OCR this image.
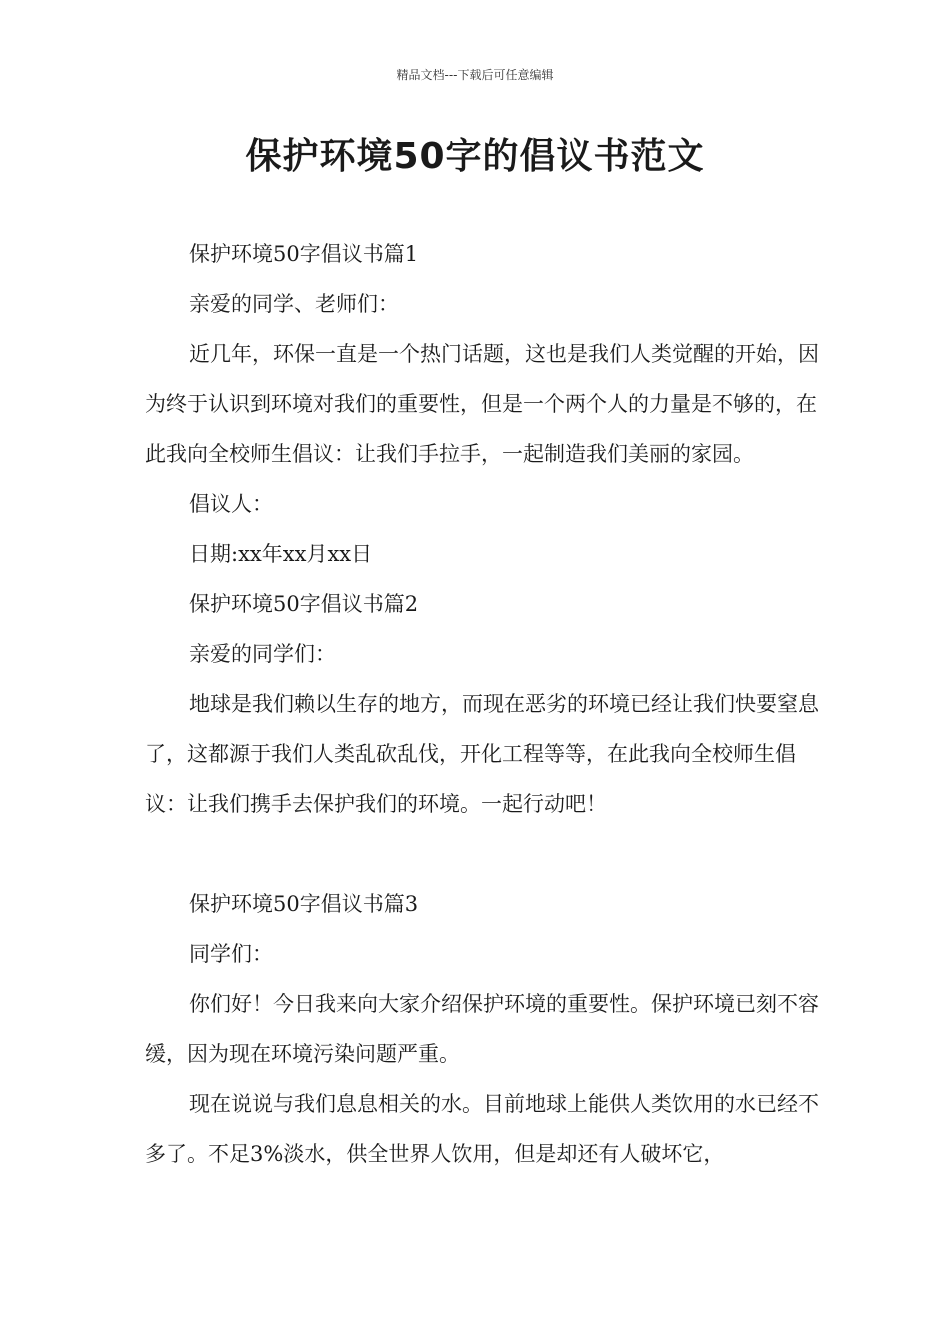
精品文档---下载后可任意编辑
保护环境50字的倡议书范文

保护环境50字倡议书篇1

亲爱的同学、老师们：

近几年，环保一直是一个热门话题，这也是我们人类觉醒的开始，因为终于认识到环境对我们的重要性，但是一个两个人的力量是不够的，在此我向全校师生倡议：让我们手拉手，一起制造我们美丽的家园。

倡议人：

日期:xx年xx月xx日

保护环境50字倡议书篇2

亲爱的同学们：

地球是我们赖以生存的地方，而现在恶劣的环境已经让我们快要窒息了，这都源于我们人类乱砍乱伐，开化工程等等，在此我向全校师生倡议：让我们携手去保护我们的环境。一起行动吧！

保护环境50字倡议书篇3

同学们：

你们好！今日我来向大家介绍保护环境的重要性。保护环境已刻不容缓，因为现在环境污染问题严重。

现在说说与我们息息相关的水。目前地球上能供人类饮用的水已经不多了。不足3%淡水，供全世界人饮用，但是却还有人破坏它，
